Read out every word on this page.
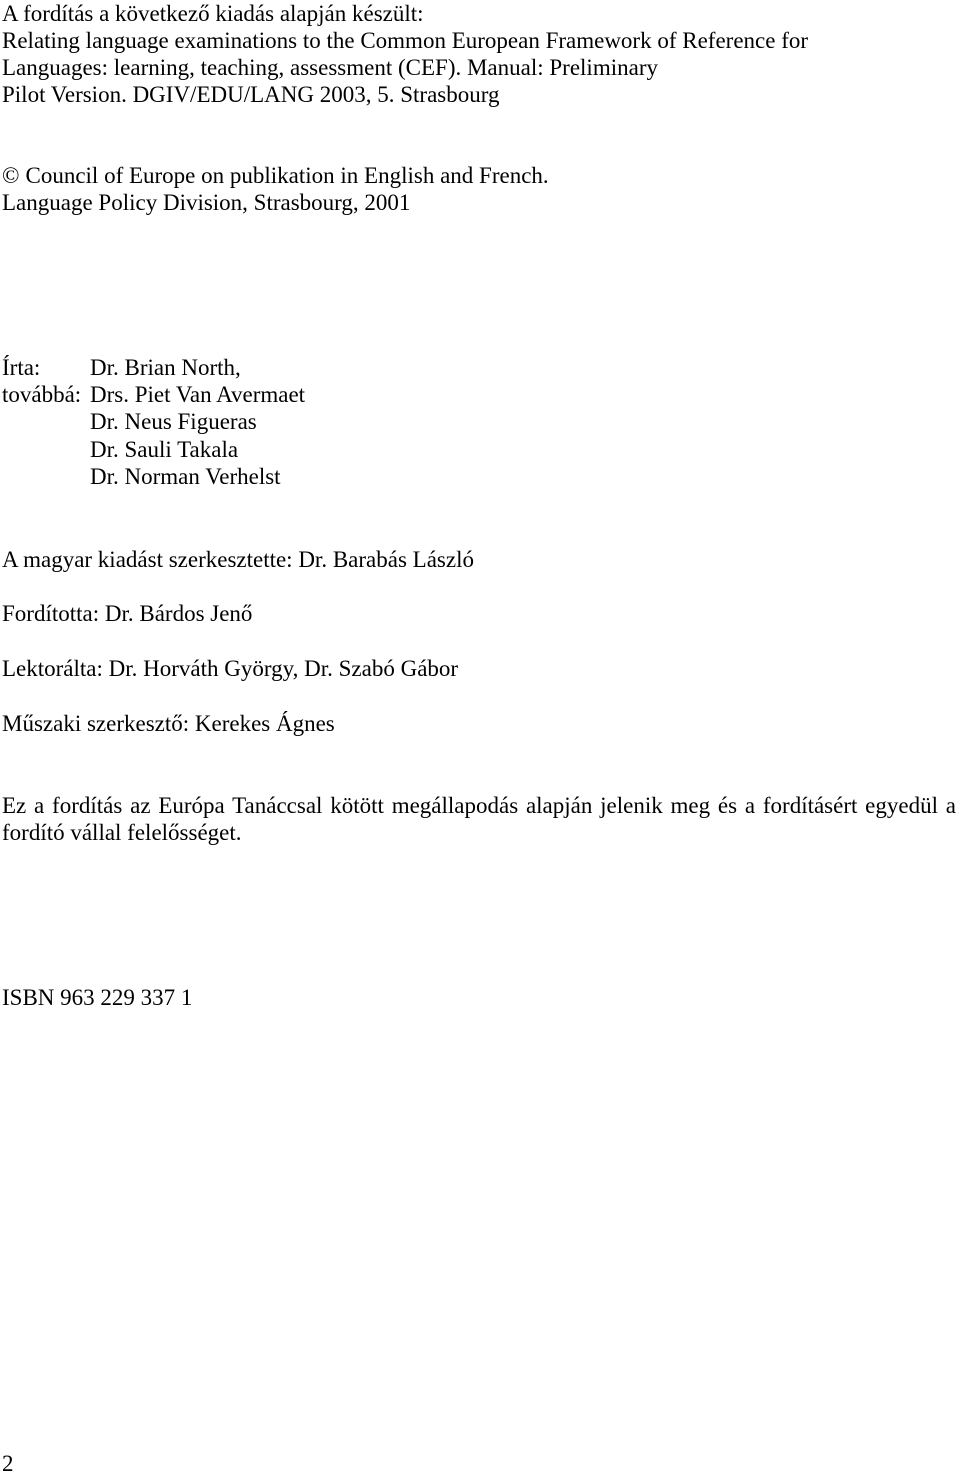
A fordítás a következő kiadás alapján készült:

Relating language examinations to the Common European Framework of Reference for

Languages: learning, teaching, assessment (CEF). Manual: Preliminary

Pilot Version. DGIV/EDU/LANG 2003, 5. Strasbourg

© Council of Europe on publikation in English and French.

Language Policy Division, Strasbourg, 2001

Írta: Dr. Brian North,
továbbá: Drs. Piet Van Avermaet
Dr. Neus Figueras
Dr. Sauli Takala
Dr. Norman Verhelst

A magyar kiadást szerkesztette: Dr. Barabás László

Fordította: Dr. Bárdos Jenő

Lektorálta: Dr. Horváth György, Dr. Szabó Gábor

Műszaki szerkesztő: Kerekes Ágnes

Ez a fordítás az Európa Tanáccsal kötött megállapodás alapján jelenik meg és a fordításért egyedül a fordító vállal felelősséget.

ISBN 963 229 337 1

2
